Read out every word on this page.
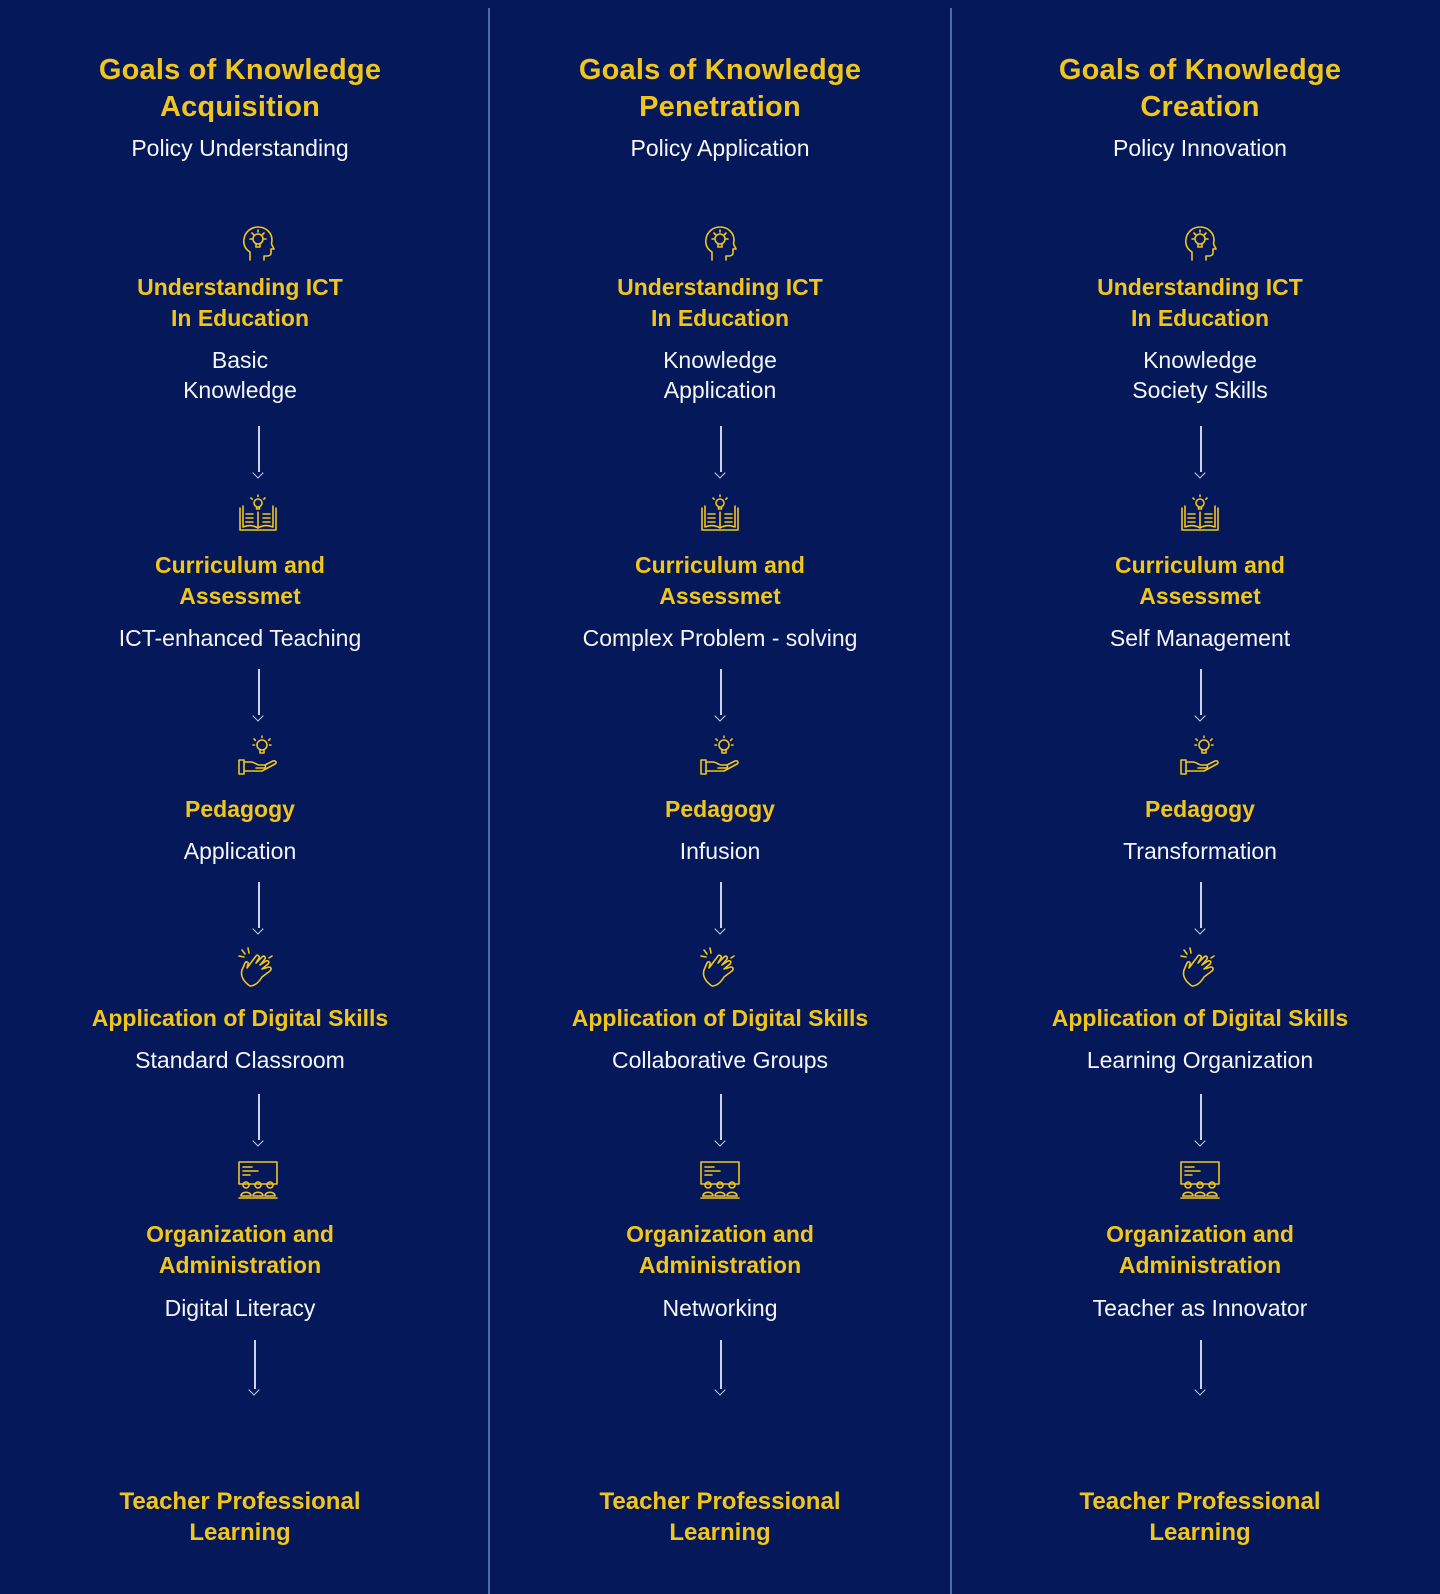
Goals of Knowledge
Acquisition
Policy Understanding
Understanding ICT
In Education
Basic
Knowledge
Curriculum and
Assessmet
ICT-enhanced Teaching
Pedagogy
Application
Application of Digital Skills
Standard Classroom
Organization and
Administration
Digital Literacy
Teacher Professional
Learning
Goals of Knowledge
Penetration
Policy Application
Understanding ICT
In Education
Knowledge
Application
Curriculum and
Assessmet
Complex Problem - solving
Pedagogy
Infusion
Application of Digital Skills
Collaborative Groups
Organization and
Administration
Networking
Teacher Professional
Learning
Goals of Knowledge
Creation
Policy Innovation
Understanding ICT
In Education
Knowledge
Society Skills
Curriculum and
Assessmet
Self Management
Pedagogy
Transformation
Application of Digital Skills
Learning Organization
Organization and
Administration
Teacher as Innovator
Teacher Professional
Learning
